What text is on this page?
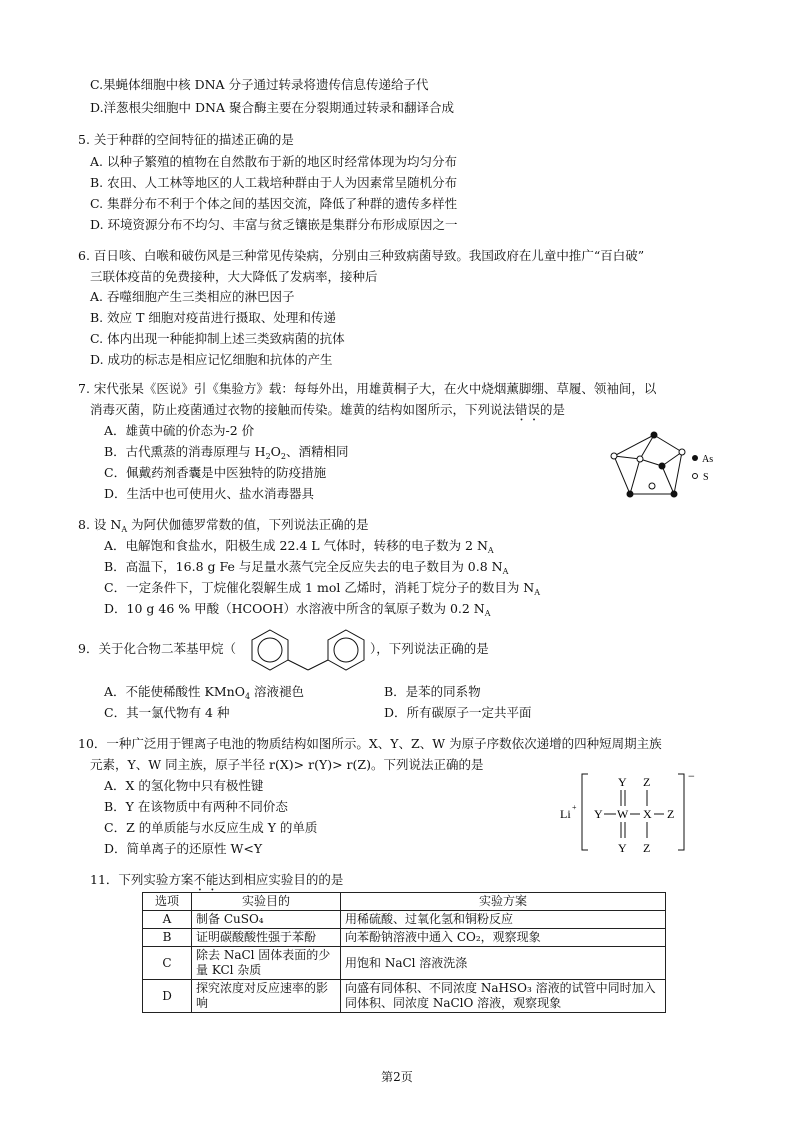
C.果蝇体细胞中核 DNA 分子通过转录将遗传信息传递给子代
D.洋葱根尖细胞中 DNA 聚合酶主要在分裂期通过转录和翻译合成
5. 关于种群的空间特征的描述正确的是
A. 以种子繁殖的植物在自然散布于新的地区时经常体现为均匀分布
B. 农田、人工林等地区的人工栽培种群由于人为因素常呈随机分布
C. 集群分布不利于个体之间的基因交流，降低了种群的遗传多样性
D. 环境资源分布不均匀、丰富与贫乏镶嵌是集群分布形成原因之一
6. 百日咳、白喉和破伤风是三种常见传染病，分别由三种致病菌导致。我国政府在儿童中推广“百白破”
三联体疫苗的免费接种，大大降低了发病率，接种后
A. 吞噬细胞产生三类相应的淋巴因子
B. 效应 T 细胞对疫苗进行摄取、处理和传递
C. 体内出现一种能抑制上述三类致病菌的抗体
D. 成功的标志是相应记忆细胞和抗体的产生
7. 宋代张杲《医说》引《集验方》载：每每外出，用雄黄桐子大，在火中烧烟薰脚绷、草履、领袖间，以
消毒灭菌，防止疫菌通过衣物的接触而传染。雄黄的结构如图所示，下列说法错误的是
A．雄黄中硫的价态为-2 价
B．古代熏蒸的消毒原理与 $H_2O_2$、酒精相同
C．佩戴药剂香囊是中医独特的防疫措施
D．生活中也可使用火、盐水消毒器具
As
S
8. 设 $N_A$ 为阿伏伽德罗常数的值，下列说法正确的是
A．电解饱和食盐水，阳极生成 22.4 L 气体时，转移的电子数为 2 $N_A$
B．高温下，16.8 g Fe 与足量水蒸气完全反应失去的电子数目为 0.8 $N_A$
C．一定条件下，丁烷催化裂解生成 1 mol 乙烯时，消耗丁烷分子的数目为 $N_A$
D．10 g 46 % 甲酸（HCOOH）水溶液中所含的氧原子数为 0.2 $N_A$
9．关于化合物二苯基甲烷（	），下列说法正确的是
A．不能使稀酸性 KMnO$_4$ 溶液褪色	B．是苯的同系物
C．其一氯代物有 4 种	D．所有碳原子一定共平面
10．一种广泛用于锂离子电池的物质结构如图所示。X、Y、Z、W 为原子序数依次递增的四种短周期主族
元素，Y、W 同主族，原子半径 r(X)> r(Y)> r(Z)。下列说法正确的是
A．X 的氢化物中只有极性键
B．Y 在该物质中有两种不同价态
C．Z 的单质能与水反应生成 Y 的单质
D．简单离子的还原性 W<Y
Li +
Y Z
Y W X Z
Y Z
−
11．下列实验方案不能达到相应实验目的的是
选项	实验目的	实验方案
A	制备 CuSO₄	用稀硫酸、过氧化氢和铜粉反应
B	证明碳酸酸性强于苯酚	向苯酚钠溶液中通入 CO₂，观察现象
C	除去 NaCl 固体表面的少量 KCl 杂质	用饱和 NaCl 溶液洗涤
D	探究浓度对反应速率的影响	向盛有同体积、不同浓度 NaHSO₃ 溶液的试管中同时加入同体积、同浓度 NaClO 溶液，观察现象
第2页
